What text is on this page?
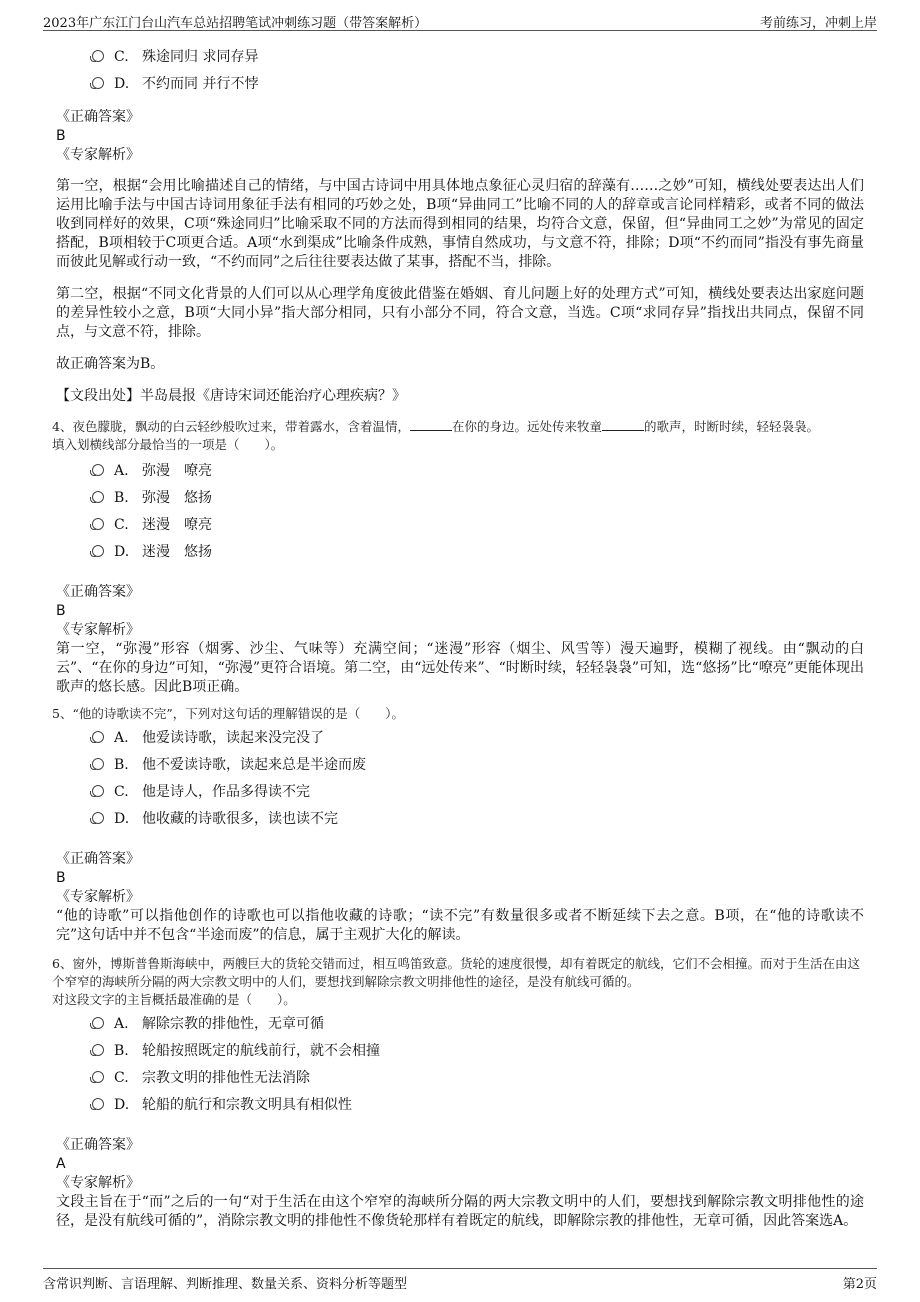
2023年广东江门台山汽车总站招聘笔试冲刺练习题（带答案解析）	考前练习，冲刺上岸
C. 殊途同归 求同存异
D. 不约而同 并行不悖
《正确答案》
B
《专家解析》
第一空，根据“会用比喻描述自己的情绪，与中国古诗词中用具体地点象征心灵归宿的辞藻有……之妙”可知，横线处要表达出人们运用比喻手法与中国古诗词用象征手法有相同的巧妙之处，B项“异曲同工”比喻不同的人的辞章或言论同样精彩，或者不同的做法收到同样好的效果，C项“殊途同归”比喻采取不同的方法而得到相同的结果，均符合文意，保留，但“异曲同工之妙”为常见的固定搭配，B项相较于C项更合适。A项“水到渠成”比喻条件成熟，事情自然成功，与文意不符，排除；D项“不约而同”指没有事先商量而彼此见解或行动一致，“不约而同”之后往往要表达做了某事，搭配不当，排除。
第二空，根据“不同文化背景的人们可以从心理学角度彼此借鉴在婚姻、育儿问题上好的处理方式”可知，横线处要表达出家庭问题的差异性较小之意，B项“大同小异”指大部分相同，只有小部分不同，符合文意，当选。C项“求同存异”指找出共同点，保留不同点，与文意不符，排除。
故正确答案为B。
【文段出处】半岛晨报《唐诗宋词还能治疗心理疾病？》
4、夜色朦胧，飘动的白云轻纱般吹过来，带着露水，含着温情，	在你的身边。远处传来牧童	的歌声，时断时续，轻轻袅袅。
填入划横线部分最恰当的一项是（　　）。
A. 弥漫　嘹亮
B. 弥漫　悠扬
C. 迷漫　嘹亮
D. 迷漫　悠扬
《正确答案》
B
《专家解析》
第一空，“弥漫”形容（烟雾、沙尘、气味等）充满空间；“迷漫”形容（烟尘、风雪等）漫天遍野，模糊了视线。由“飘动的白云”、“在你的身边”可知，“弥漫”更符合语境。第二空，由“远处传来”、“时断时续，轻轻袅袅”可知，选“悠扬”比“嘹亮”更能体现出歌声的悠长感。因此B项正确。
5、“他的诗歌读不完”，下列对这句话的理解错误的是（　　）。
A. 他爱读诗歌，读起来没完没了
B. 他不爱读诗歌，读起来总是半途而废
C. 他是诗人，作品多得读不完
D. 他收藏的诗歌很多，读也读不完
《正确答案》
B
《专家解析》
“他的诗歌”可以指他创作的诗歌也可以指他收藏的诗歌；“读不完”有数量很多或者不断延续下去之意。B项，在“他的诗歌读不完”这句话中并不包含“半途而废”的信息，属于主观扩大化的解读。
6、窗外，博斯普鲁斯海峡中，两艘巨大的货轮交错而过，相互鸣笛致意。货轮的速度很慢，却有着既定的航线，它们不会相撞。而对于生活在由这个窄窄的海峡所分隔的两大宗教文明中的人们，要想找到解除宗教文明排他性的途径，是没有航线可循的。
对这段文字的主旨概括最准确的是（　　）。
A. 解除宗教的排他性，无章可循
B. 轮船按照既定的航线前行，就不会相撞
C. 宗教文明的排他性无法消除
D. 轮船的航行和宗教文明具有相似性
《正确答案》
A
《专家解析》
文段主旨在于“而”之后的一句“对于生活在由这个窄窄的海峡所分隔的两大宗教文明中的人们，要想找到解除宗教文明排他性的途径，是没有航线可循的”，消除宗教文明的排他性不像货轮那样有着既定的航线，即解除宗教的排他性，无章可循，因此答案选A。
含常识判断、言语理解、判断推理、数量关系、资料分析等题型	第2页
